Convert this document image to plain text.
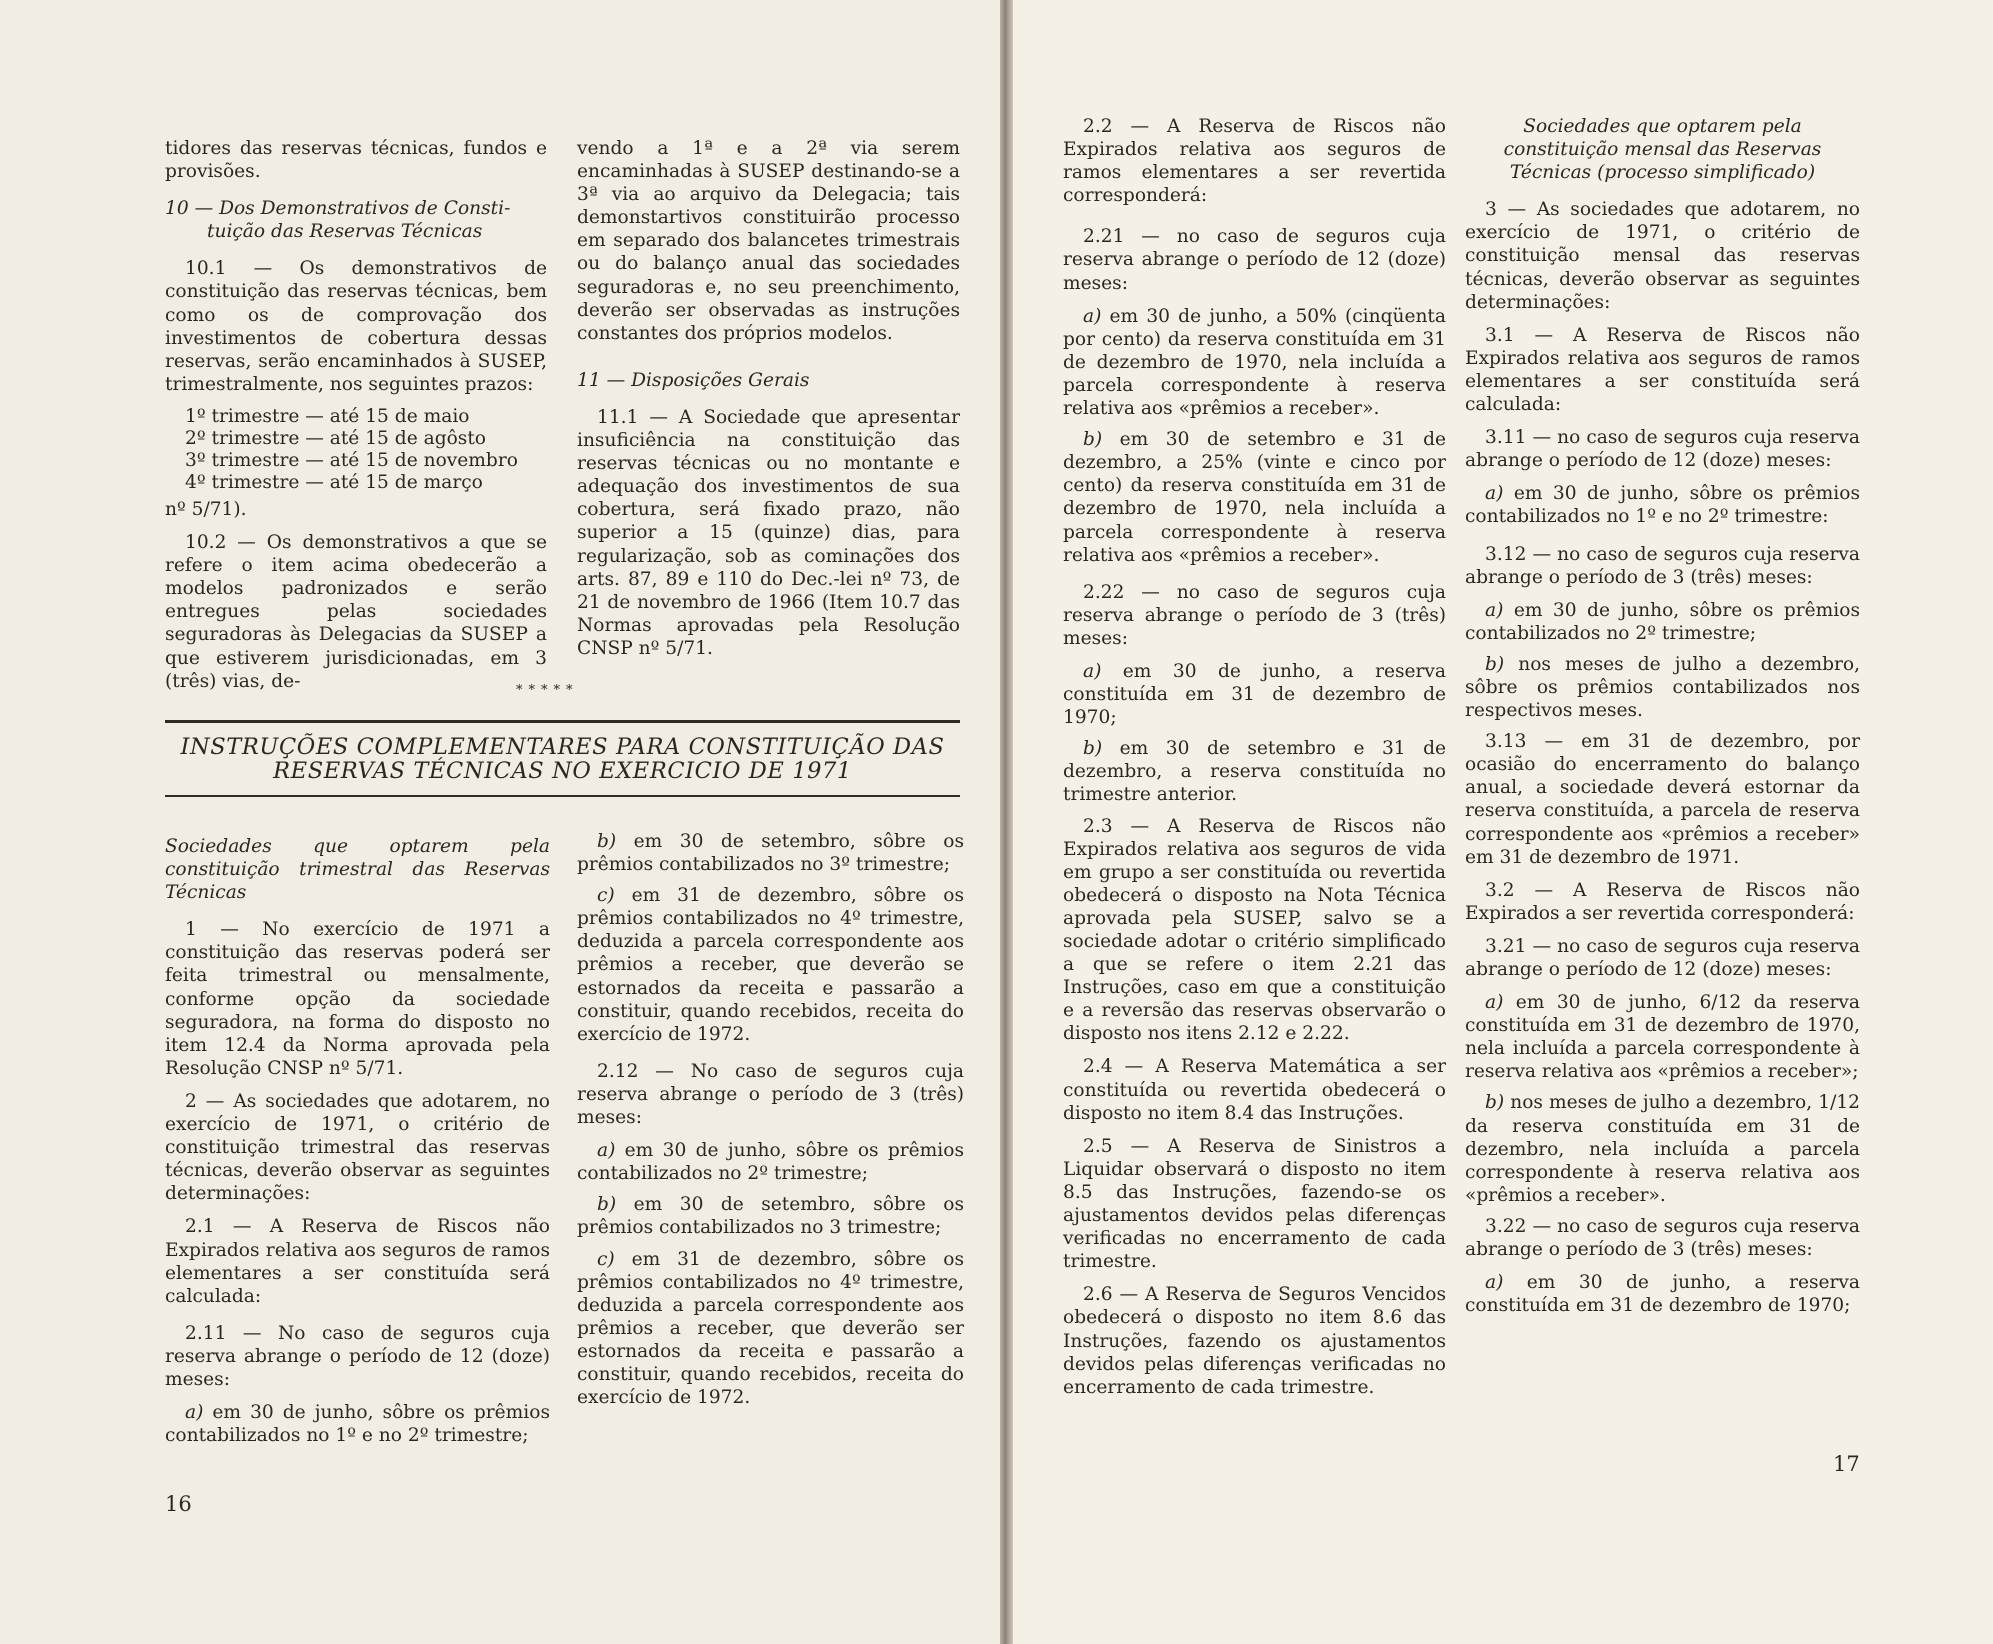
tidores das reservas técnicas, fundos e provisões.

10 — Dos Demonstrativos de Consti-
tuição das Reservas Técnicas

10.1 — Os demonstrativos de constituição das reservas técnicas, bem como os de comprovação dos investimentos de cobertura dessas reservas, serão encaminhados à SUSEP, trimestralmente, nos seguintes prazos:

1º trimestre — até 15 de maio
2º trimestre — até 15 de agôsto
3º trimestre — até 15 de novembro
4º trimestre — até 15 de março

nº 5/71).

10.2 — Os demonstrativos a que se refere o item acima obedecerão a modelos padronizados e serão entregues pelas sociedades seguradoras às Delegacias da SUSEP a que estiverem jurisdicionadas, em 3 (três) vias, de-

vendo a 1ª e a 2ª via serem encaminhadas à SUSEP destinando-se a 3ª via ao arquivo da Delegacia; tais demonstartivos constituirão processo em separado dos balancetes trimestrais ou do balanço anual das sociedades seguradoras e, no seu preenchimento, deverão ser observadas as instruções constantes dos próprios modelos.

11 — Disposições Gerais

11.1 — A Sociedade que apresentar insuficiência na constituição das reservas técnicas ou no montante e adequação dos investimentos de sua cobertura, será fixado prazo, não superior a 15 (quinze) dias, para regularização, sob as cominações dos arts. 87, 89 e 110 do Dec.-lei nº 73, de 21 de novembro de 1966 (Item 10.7 das Normas aprovadas pela Resolução CNSP nº 5/71.

*****
INSTRUÇÕES COMPLEMENTARES PARA CONSTITUIÇÃO DAS
RESERVAS TÉCNICAS NO EXERCICIO DE 1971

Sociedades que optarem pela constituição trimestral das Reservas Técnicas

1 — No exercício de 1971 a constituição das reservas poderá ser feita trimestral ou mensalmente, conforme opção da sociedade seguradora, na forma do disposto no item 12.4 da Norma aprovada pela Resolução CNSP nº 5/71.

2 — As sociedades que adotarem, no exercício de 1971, o critério de constituição trimestral das reservas técnicas, deverão observar as seguintes determinações:

2.1 — A Reserva de Riscos não Expirados relativa aos seguros de ramos elementares a ser constituída será calculada:

2.11 — No caso de seguros cuja reserva abrange o período de 12 (doze) meses:

a) em 30 de junho, sôbre os prêmios contabilizados no 1º e no 2º trimestre;

b) em 30 de setembro, sôbre os prêmios contabilizados no 3º trimestre;

c) em 31 de dezembro, sôbre os prêmios contabilizados no 4º trimestre, deduzida a parcela correspondente aos prêmios a receber, que deverão se estornados da receita e passarão a constituir, quando recebidos, receita do exercício de 1972.

2.12 — No caso de seguros cuja reserva abrange o período de 3 (três) meses:

a) em 30 de junho, sôbre os prêmios contabilizados no 2º trimestre;

b) em 30 de setembro, sôbre os prêmios contabilizados no 3 trimestre;

c) em 31 de dezembro, sôbre os prêmios contabilizados no 4º trimestre, deduzida a parcela correspondente aos prêmios a receber, que deverão ser estornados da receita e passarão a constituir, quando recebidos, receita do exercício de 1972.

16

2.2 — A Reserva de Riscos não Expirados relativa aos seguros de ramos elementares a ser revertida corresponderá:

2.21 — no caso de seguros cuja reserva abrange o período de 12 (doze) meses:

a) em 30 de junho, a 50% (cinqüenta por cento) da reserva constituída em 31 de dezembro de 1970, nela incluída a parcela correspondente à reserva relativa aos «prêmios a receber».

b) em 30 de setembro e 31 de dezembro, a 25% (vinte e cinco por cento) da reserva constituída em 31 de dezembro de 1970, nela incluída a parcela correspondente à reserva relativa aos «prêmios a receber».

2.22 — no caso de seguros cuja reserva abrange o período de 3 (três) meses:

a) em 30 de junho, a reserva constituída em 31 de dezembro de 1970;

b) em 30 de setembro e 31 de dezembro, a reserva constituída no trimestre anterior.

2.3 — A Reserva de Riscos não Expirados relativa aos seguros de vida em grupo a ser constituída ou revertida obedecerá o disposto na Nota Técnica aprovada pela SUSEP, salvo se a sociedade adotar o critério simplificado a que se refere o item 2.21 das Instruções, caso em que a constituição e a reversão das reservas observarão o disposto nos itens 2.12 e 2.22.

2.4 — A Reserva Matemática a ser constituída ou revertida obedecerá o disposto no item 8.4 das Instruções.

2.5 — A Reserva de Sinistros a Liquidar observará o disposto no item 8.5 das Instruções, fazendo-se os ajustamentos devidos pelas diferenças verificadas no encerramento de cada trimestre.

2.6 — A Reserva de Seguros Vencidos obedecerá o disposto no item 8.6 das Instruções, fazendo os ajustamentos devidos pelas diferenças verificadas no encerramento de cada trimestre.

Sociedades que optarem pela constituição mensal das Reservas Técnicas (processo simplificado)

3 — As sociedades que adotarem, no exercício de 1971, o critério de constituição mensal das reservas técnicas, deverão observar as seguintes determinações:

3.1 — A Reserva de Riscos não Expirados relativa aos seguros de ramos elementares a ser constituída será calculada:

3.11 — no caso de seguros cuja reserva abrange o período de 12 (doze) meses:

a) em 30 de junho, sôbre os prêmios contabilizados no 1º e no 2º trimestre:

3.12 — no caso de seguros cuja reserva abrange o período de 3 (três) meses:

a) em 30 de junho, sôbre os prêmios contabilizados no 2º trimestre;

b) nos meses de julho a dezembro, sôbre os prêmios contabilizados nos respectivos meses.

3.13 — em 31 de dezembro, por ocasião do encerramento do balanço anual, a sociedade deverá estornar da reserva constituída, a parcela de reserva correspondente aos «prêmios a receber» em 31 de dezembro de 1971.

3.2 — A Reserva de Riscos não Expirados a ser revertida corresponderá:

3.21 — no caso de seguros cuja reserva abrange o período de 12 (doze) meses:

a) em 30 de junho, 6/12 da reserva constituída em 31 de dezembro de 1970, nela incluída a parcela correspondente à reserva relativa aos «prêmios a receber»;

b) nos meses de julho a dezembro, 1/12 da reserva constituída em 31 de dezembro, nela incluída a parcela correspondente à reserva relativa aos «prêmios a receber».

3.22 — no caso de seguros cuja reserva abrange o período de 3 (três) meses:

a) em 30 de junho, a reserva constituída em 31 de dezembro de 1970;

17
